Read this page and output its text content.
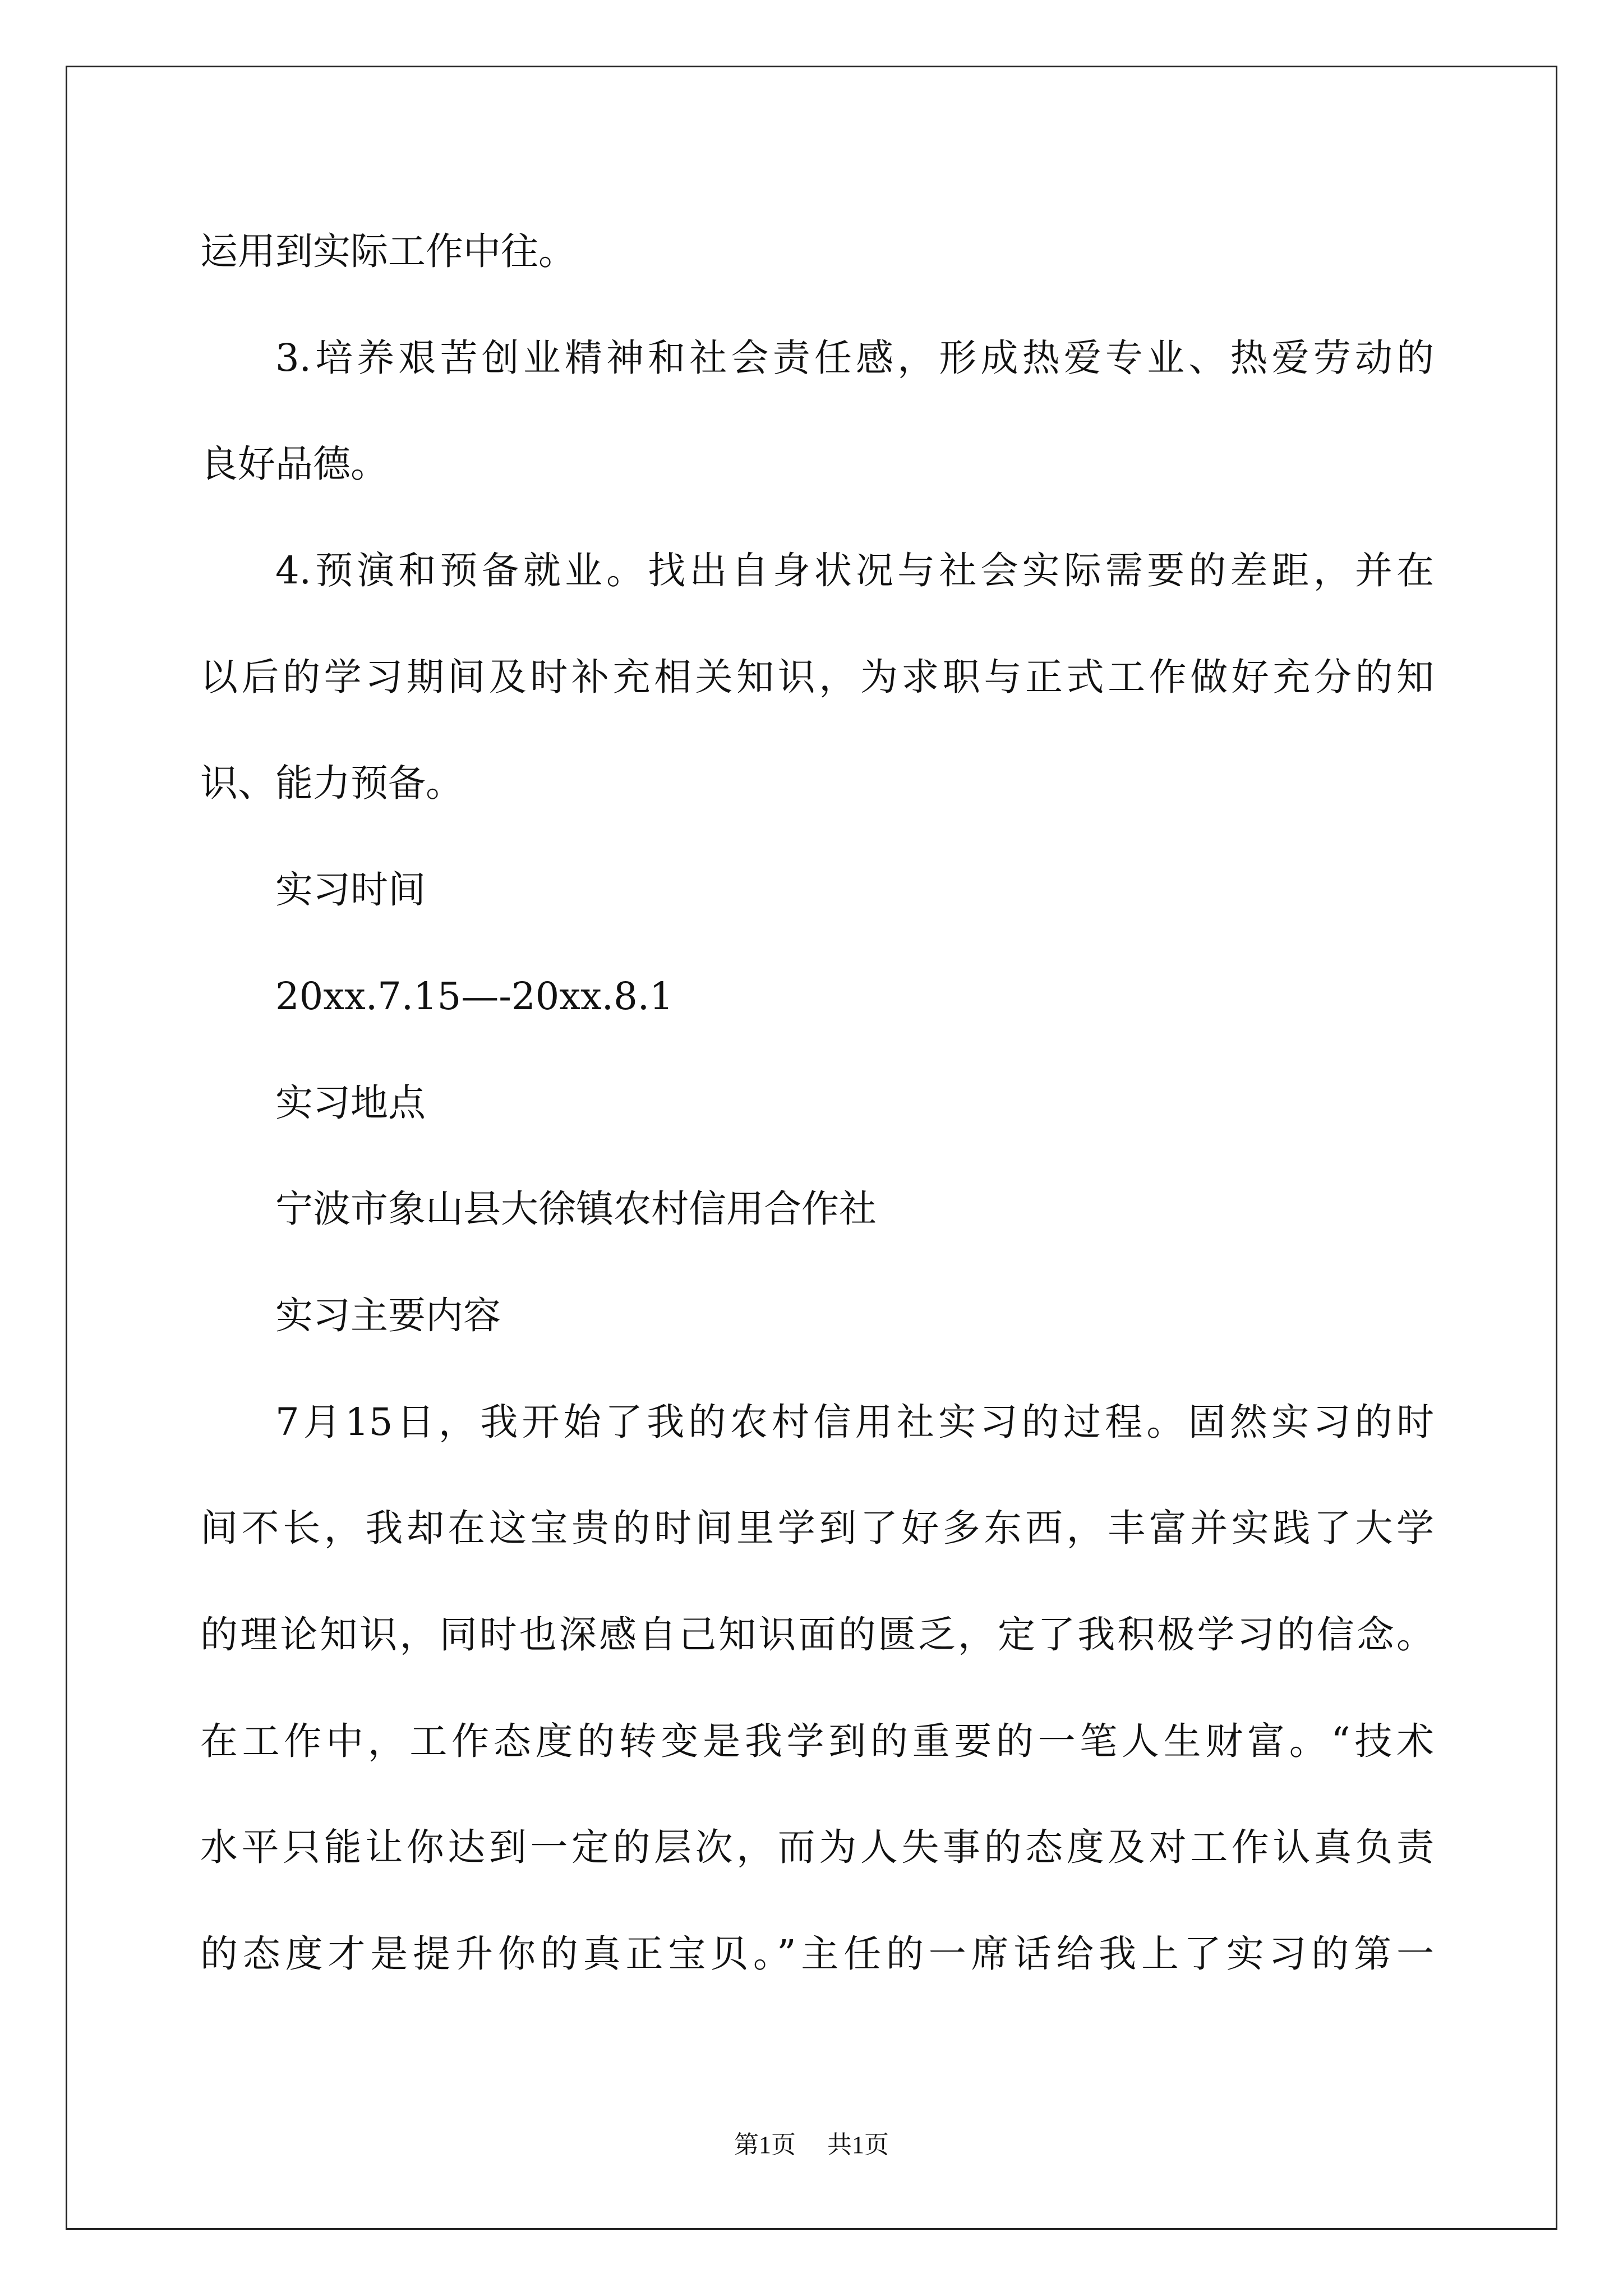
运用到实际工作中往。
3.培养艰苦创业精神和社会责任感，形成热爱专业、热爱劳动的
良好品德。
4.预演和预备就业。找出自身状况与社会实际需要的差距，并在
以后的学习期间及时补充相关知识，为求职与正式工作做好充分的知
识、能力预备。
实习时间
20xx.7.15—-20xx.8.1
实习地点
宁波市象山县大徐镇农村信用合作社
实习主要内容
7月15日，我开始了我的农村信用社实习的过程。固然实习的时
间不长，我却在这宝贵的时间里学到了好多东西，丰富并实践了大学
的理论知识，同时也深感自己知识面的匮乏，定了我积极学习的信念。
在工作中，工作态度的转变是我学到的重要的一笔人生财富。“技术
水平只能让你达到一定的层次，而为人失事的态度及对工作认真负责
的态度才是提升你的真正宝贝。”主任的一席话给我上了实习的第一
第1页 共1页
